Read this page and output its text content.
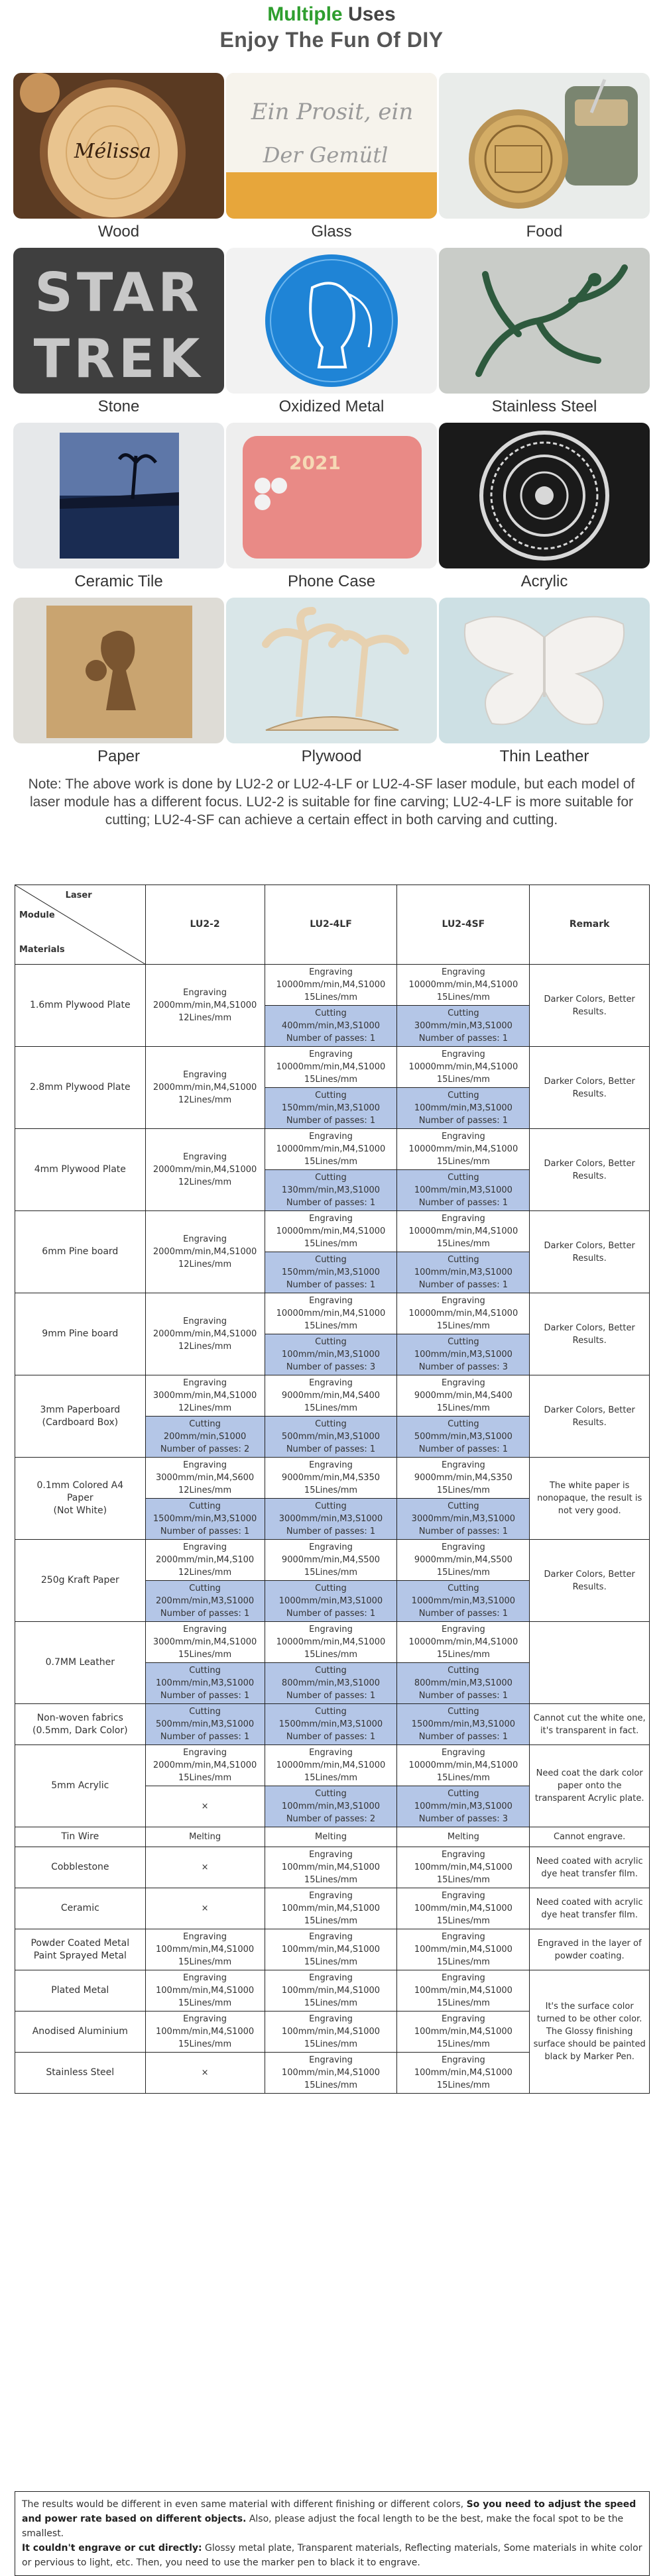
Multiple Uses
Enjoy The Fun Of DIY
Mélissa
Wood
Ein Prosit, ein
Der Gemütl
Glass	Food
STAR
TREK
Stone	Oxidized Metal	Stainless Steel
Ceramic Tile
2021
Phone Case	Acrylic
Paper	Plywood	Thin Leather
Note: The above work is done by LU2-2 or LU2-4-LF or LU2-4-SF laser module, but each model of laser module has a different focus. LU2-2 is suitable for fine carving; LU2-4-LF is more suitable for cutting; LU2-4-SF can achieve a certain effect in both carving and cutting.
Laser
Module
Materials	LU2-2	LU2-4LF	LU2-4SF	Remark
1.6mm Plywood Plate	Engraving
2000mm/min,M4,S1000
12Lines/mm	Engraving
10000mm/min,M4,S1000
15Lines/mm	Engraving
10000mm/min,M4,S1000
15Lines/mm	Darker Colors, Better Results.
		Cutting
400mm/min,M3,S1000
Number of passes: 1	Cutting
300mm/min,M3,S1000
Number of passes: 1	
2.8mm Plywood Plate	Engraving
2000mm/min,M4,S1000
12Lines/mm	Engraving
10000mm/min,M4,S1000
15Lines/mm	Engraving
10000mm/min,M4,S1000
15Lines/mm	Darker Colors, Better Results.
		Cutting
150mm/min,M3,S1000
Number of passes: 1	Cutting
100mm/min,M3,S1000
Number of passes: 1	
4mm Plywood Plate	Engraving
2000mm/min,M4,S1000
12Lines/mm	Engraving
10000mm/min,M4,S1000
15Lines/mm	Engraving
10000mm/min,M4,S1000
15Lines/mm	Darker Colors, Better Results.
		Cutting
130mm/min,M3,S1000
Number of passes: 1	Cutting
100mm/min,M3,S1000
Number of passes: 1	
6mm Pine board	Engraving
2000mm/min,M4,S1000
12Lines/mm	Engraving
10000mm/min,M4,S1000
15Lines/mm	Engraving
10000mm/min,M4,S1000
15Lines/mm	Darker Colors, Better Results.
		Cutting
150mm/min,M3,S1000
Number of passes: 1	Cutting
100mm/min,M3,S1000
Number of passes: 1	
9mm Pine board	Engraving
2000mm/min,M4,S1000
12Lines/mm	Engraving
10000mm/min,M4,S1000
15Lines/mm	Engraving
10000mm/min,M4,S1000
15Lines/mm	Darker Colors, Better Results.
		Cutting
100mm/min,M3,S1000
Number of passes: 3	Cutting
100mm/min,M3,S1000
Number of passes: 3	
3mm Paperboard
(Cardboard Box)	Engraving
3000mm/min,M4,S1000
12Lines/mm	Engraving
9000mm/min,M4,S400
15Lines/mm	Engraving
9000mm/min,M4,S400
15Lines/mm	Darker Colors, Better Results.
	Cutting
200mm/min,S1000
Number of passes: 2	Cutting
500mm/min,M3,S1000
Number of passes: 1	Cutting
500mm/min,M3,S1000
Number of passes: 1	
0.1mm Colored A4
Paper
(Not White)	Engraving
3000mm/min,M4,S600
12Lines/mm	Engraving
9000mm/min,M4,S350
15Lines/mm	Engraving
9000mm/min,M4,S350
15Lines/mm	The white paper is nonopaque, the result is not very good.
	Cutting
1500mm/min,M3,S1000
Number of passes: 1	Cutting
3000mm/min,M3,S1000
Number of passes: 1	Cutting
3000mm/min,M3,S1000
Number of passes: 1	
250g Kraft Paper	Engraving
2000mm/min,M4,S100
12Lines/mm	Engraving
9000mm/min,M4,S500
15Lines/mm	Engraving
9000mm/min,M4,S500
15Lines/mm	Darker Colors, Better Results.
	Cutting
200mm/min,M3,S1000
Number of passes: 1	Cutting
1000mm/min,M3,S1000
Number of passes: 1	Cutting
1000mm/min,M3,S1000
Number of passes: 1	
0.7MM Leather	Engraving
3000mm/min,M4,S1000
15Lines/mm	Engraving
10000mm/min,M4,S1000
15Lines/mm	Engraving
10000mm/min,M4,S1000
15Lines/mm	
	Cutting
100mm/min,M3,S1000
Number of passes: 1	Cutting
800mm/min,M3,S1000
Number of passes: 1	Cutting
800mm/min,M3,S1000
Number of passes: 1	
Non-woven fabrics
(0.5mm, Dark Color)	Cutting
500mm/min,M3,S1000
Number of passes: 1	Cutting
1500mm/min,M3,S1000
Number of passes: 1	Cutting
1500mm/min,M3,S1000
Number of passes: 1	Cannot cut the white one, it's transparent in fact.

5mm Acrylic	Engraving
2000mm/min,M4,S1000
15Lines/mm	Engraving
10000mm/min,M4,S1000
15Lines/mm	Engraving
10000mm/min,M4,S1000
15Lines/mm	Need coat the dark color paper onto the transparent Acrylic plate.
	×	Cutting
100mm/min,M3,S1000
Number of passes: 2	Cutting
100mm/min,M3,S1000
Number of passes: 3	
Tin Wire	Melting	Melting	Melting	Cannot engrave.
Cobblestone	×	Engraving
100mm/min,M4,S1000
15Lines/mm	Engraving
100mm/min,M4,S1000
15Lines/mm	Need coated with acrylic dye heat transfer film.
Ceramic	×	Engraving
100mm/min,M4,S1000
15Lines/mm	Engraving
100mm/min,M4,S1000
15Lines/mm	Need coated with acrylic dye heat transfer film.
Powder Coated Metal
Paint Sprayed Metal	Engraving
100mm/min,M4,S1000
15Lines/mm	Engraving
100mm/min,M4,S1000
15Lines/mm	Engraving
100mm/min,M4,S1000
15Lines/mm	Engraved in the layer of powder coating.
Plated Metal	Engraving
100mm/min,M4,S1000
15Lines/mm	Engraving
100mm/min,M4,S1000
15Lines/mm	Engraving
100mm/min,M4,S1000
15Lines/mm	It's the surface color turned to be other color. The Glossy finishing surface should be painted black by Marker Pen.
Anodised Aluminium	Engraving
100mm/min,M4,S1000
15Lines/mm	Engraving
100mm/min,M4,S1000
15Lines/mm	Engraving
100mm/min,M4,S1000
15Lines/mm	
Stainless Steel	×	Engraving
100mm/min,M4,S1000
15Lines/mm	Engraving
100mm/min,M4,S1000
15Lines/mm	

The results would be different in even same material with different finishing or different colors, So you need to adjust the speed and power rate based on different objects. Also, please adjust the focal length to be the best, make the focal spot to be the smallest.

It couldn't engrave or cut directly: Glossy metal plate, Transparent materials, Reflecting materials, Some materials in white color or pervious to light, etc. Then, you need to use the marker pen to black it to engrave.
